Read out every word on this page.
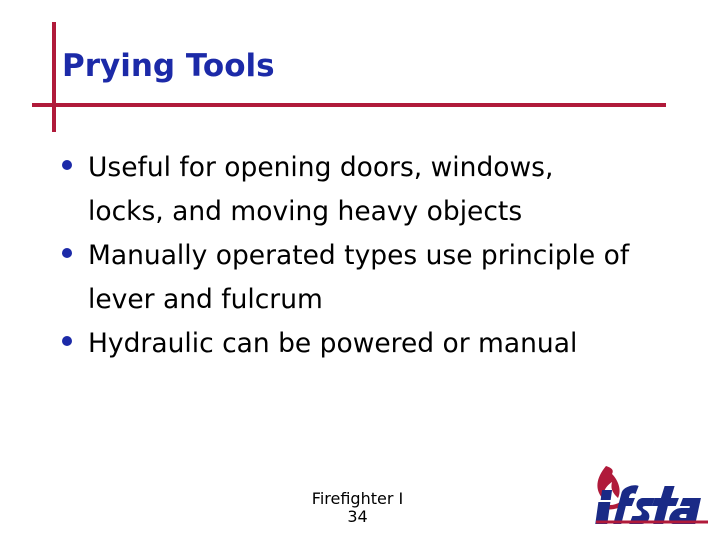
Prying Tools
Useful for opening doors, windows,
locks, and moving heavy objects
Manually operated types use principle of
lever and fulcrum
Hydraulic can be powered or manual
Firefighter I
34
